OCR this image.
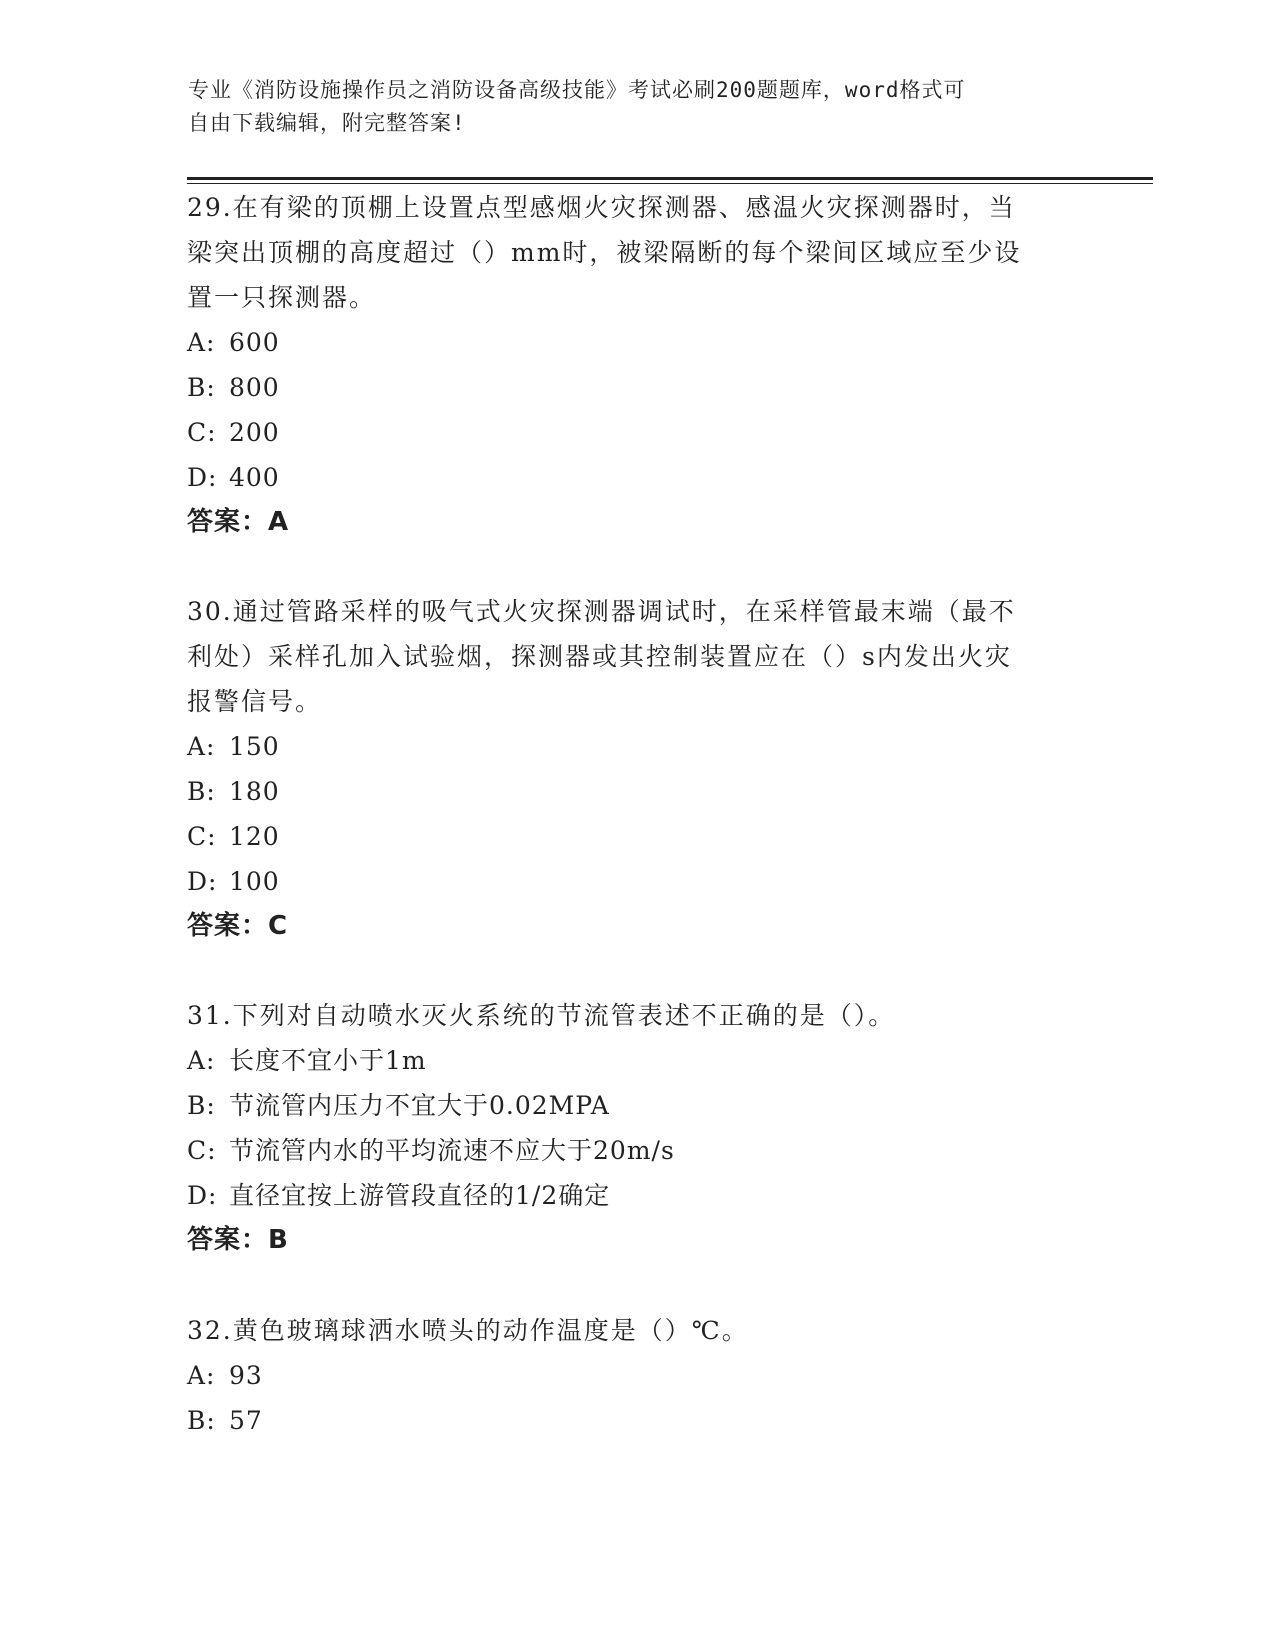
专业《消防设施操作员之消防设备高级技能》考试必刷200题题库，word格式可
自由下载编辑，附完整答案!
29.在有梁的顶棚上设置点型感烟火灾探测器、感温火灾探测器时，当
梁突出顶棚的高度超过（）mm时，被梁隔断的每个梁间区域应至少设
置一只探测器。
A: 600
B: 800
C: 200
D: 400
答案：A
30.通过管路采样的吸气式火灾探测器调试时，在采样管最末端（最不
利处）采样孔加入试验烟，探测器或其控制装置应在（）s内发出火灾
报警信号。
A: 150
B: 180
C: 120
D: 100
答案：C
31.下列对自动喷水灭火系统的节流管表述不正确的是（）。
A: 长度不宜小于1m
B: 节流管内压力不宜大于0.02MPA
C: 节流管内水的平均流速不应大于20m/s
D: 直径宜按上游管段直径的1/2确定
答案：B
32.黄色玻璃球洒水喷头的动作温度是（）℃。
A: 93
B: 57
